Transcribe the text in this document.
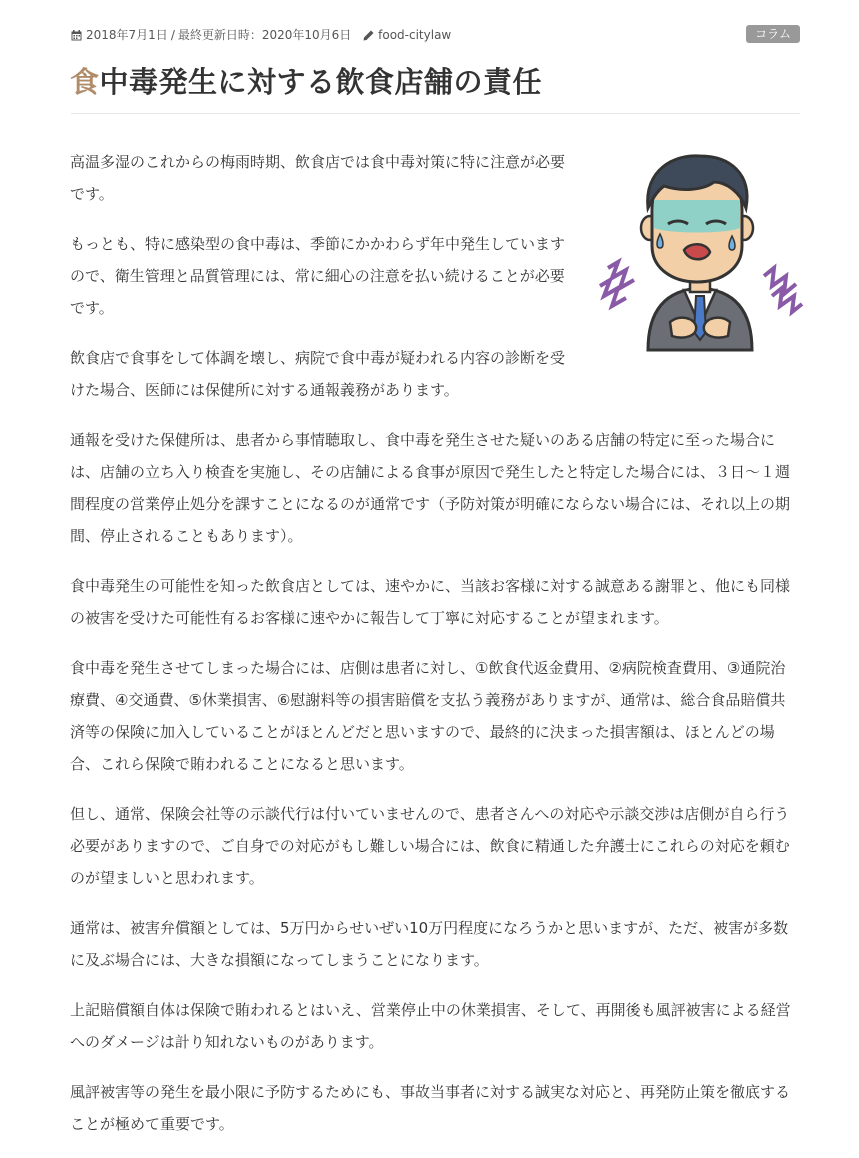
2018年7月1日 / 最終更新日時：2020年10月6日
food-citylaw	コラム
食中毒発生に対する飲食店舗の責任

高温多湿のこれからの梅雨時期、飲食店では食中毒対策に特に注意が必要です。

もっとも、特に感染型の食中毒は、季節にかかわらず年中発生していますので、衛生管理と品質管理には、常に細心の注意を払い続けることが必要です。

飲食店で食事をして体調を壊し、病院で食中毒が疑われる内容の診断を受けた場合、医師には保健所に対する通報義務があります。

通報を受けた保健所は、患者から事情聴取し、食中毒を発生させた疑いのある店舗の特定に至った場合には、店舗の立ち入り検査を実施し、その店舗による食事が原因で発生したと特定した場合には、３日～１週間程度の営業停止処分を課すことになるのが通常です（予防対策が明確にならない場合には、それ以上の期間、停止されることもあります）。

食中毒発生の可能性を知った飲食店としては、速やかに、当該お客様に対する誠意ある謝罪と、他にも同様の被害を受けた可能性有るお客様に速やかに報告して丁寧に対応することが望まれます。

食中毒を発生させてしまった場合には、店側は患者に対し、①飲食代返金費用、②病院検査費用、③通院治療費、④交通費、⑤休業損害、⑥慰謝料等の損害賠償を支払う義務がありますが、通常は、総合食品賠償共済等の保険に加入していることがほとんどだと思いますので、最終的に決まった損害額は、ほとんどの場合、これら保険で賄われることになると思います。

但し、通常、保険会社等の示談代行は付いていませんので、患者さんへの対応や示談交渉は店側が自ら行う必要がありますので、ご自身での対応がもし難しい場合には、飲食に精通した弁護士にこれらの対応を頼むのが望ましいと思われます。

通常は、被害弁償額としては、5万円からせいぜい10万円程度になろうかと思いますが、ただ、被害が多数に及ぶ場合には、大きな損額になってしまうことになります。

上記賠償額自体は保険で賄われるとはいえ、営業停止中の休業損害、そして、再開後も風評被害による経営へのダメージは計り知れないものがあります。

風評被害等の発生を最小限に予防するためにも、事故当事者に対する誠実な対応と、再発防止策を徹底することが極めて重要です。
